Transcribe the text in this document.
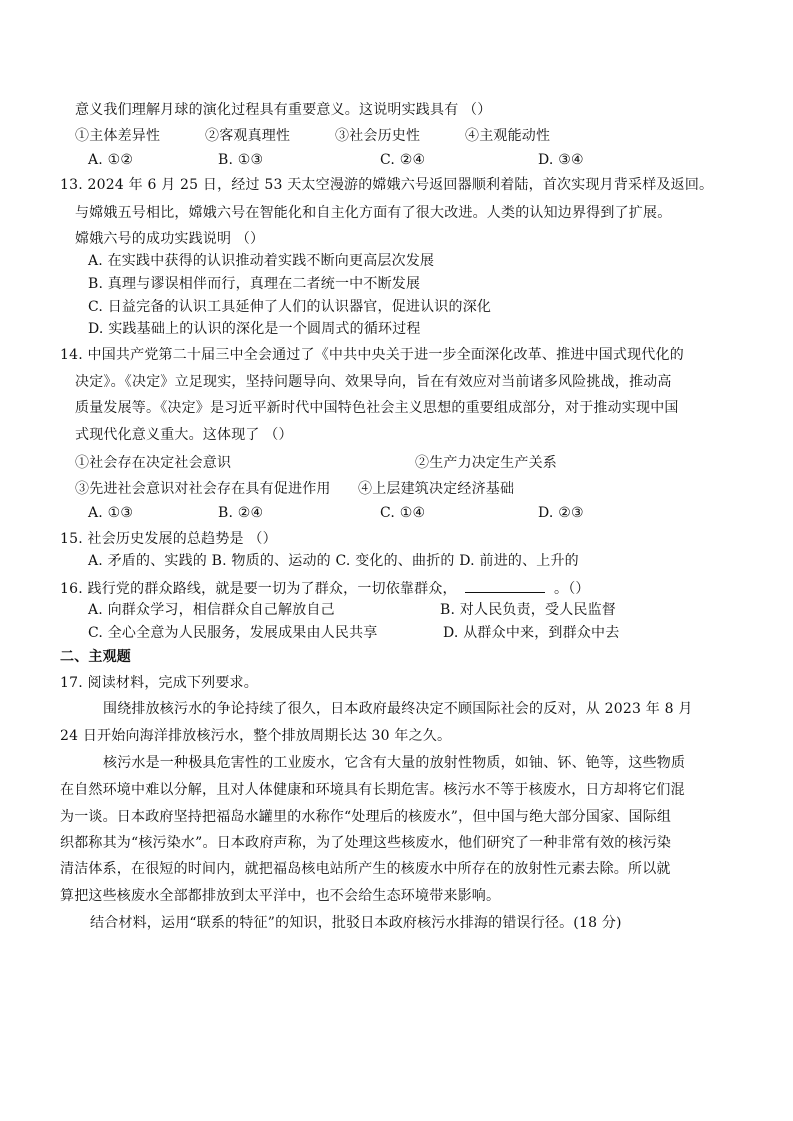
意义我们理解月球的演化过程具有重要意义。这说明实践具有 （）
①主体差异性	②客观真理性	③社会历史性	④主观能动性
A. ①②	B. ①③	C. ②④	D. ③④
13. 2024 年 6 月 25 日，经过 53 天太空漫游的嫦娥六号返回器顺利着陆，首次实现月背采样及返回。
与嫦娥五号相比，嫦娥六号在智能化和自主化方面有了很大改进。人类的认知边界得到了扩展。
嫦娥六号的成功实践说明 （）
A. 在实践中获得的认识推动着实践不断向更高层次发展
B. 真理与谬误相伴而行，真理在二者统一中不断发展
C. 日益完备的认识工具延伸了人们的认识器官，促进认识的深化
D. 实践基础上的认识的深化是一个圆周式的循环过程
14. 中国共产党第二十届三中全会通过了《中共中央关于进一步全面深化改革、推进中国式现代化的
决定》。《决定》立足现实，坚持问题导向、效果导向，旨在有效应对当前诸多风险挑战，推动高
质量发展等。《决定》是习近平新时代中国特色社会主义思想的重要组成部分，对于推动实现中国
式现代化意义重大。这体现了 （）
①社会存在决定社会意识	②生产力决定生产关系
③先进社会意识对社会存在具有促进作用 ④上层建筑决定经济基础
A. ①③	B. ②④	C. ①④	D. ②③
15. 社会历史发展的总趋势是 （）
A. 矛盾的、实践的 B. 物质的、运动的 C. 变化的、曲折的 D. 前进的、上升的
16. 践行党的群众路线，就是要一切为了群众，一切依靠群众，	。（）
A. 向群众学习，相信群众自己解放自己	B. 对人民负责，受人民监督
C. 全心全意为人民服务，发展成果由人民共享	D. 从群众中来，到群众中去
二、主观题
17. 阅读材料，完成下列要求。
围绕排放核污水的争论持续了很久，日本政府最终决定不顾国际社会的反对，从 2023 年 8 月
24 日开始向海洋排放核污水，整个排放周期长达 30 年之久。
核污水是一种极具危害性的工业废水，它含有大量的放射性物质，如铀、钚、铯等，这些物质
在自然环境中难以分解，且对人体健康和环境具有长期危害。核污水不等于核废水，日方却将它们混
为一谈。日本政府坚持把福岛水罐里的水称作“处理后的核废水”，但中国与绝大部分国家、国际组
织都称其为“核污染水”。日本政府声称，为了处理这些核废水，他们研究了一种非常有效的核污染
清洁体系，在很短的时间内，就把福岛核电站所产生的核废水中所存在的放射性元素去除。所以就
算把这些核废水全部都排放到太平洋中，也不会给生态环境带来影响。
结合材料，运用“联系的特征”的知识，批驳日本政府核污水排海的错误行径。(18 分)
